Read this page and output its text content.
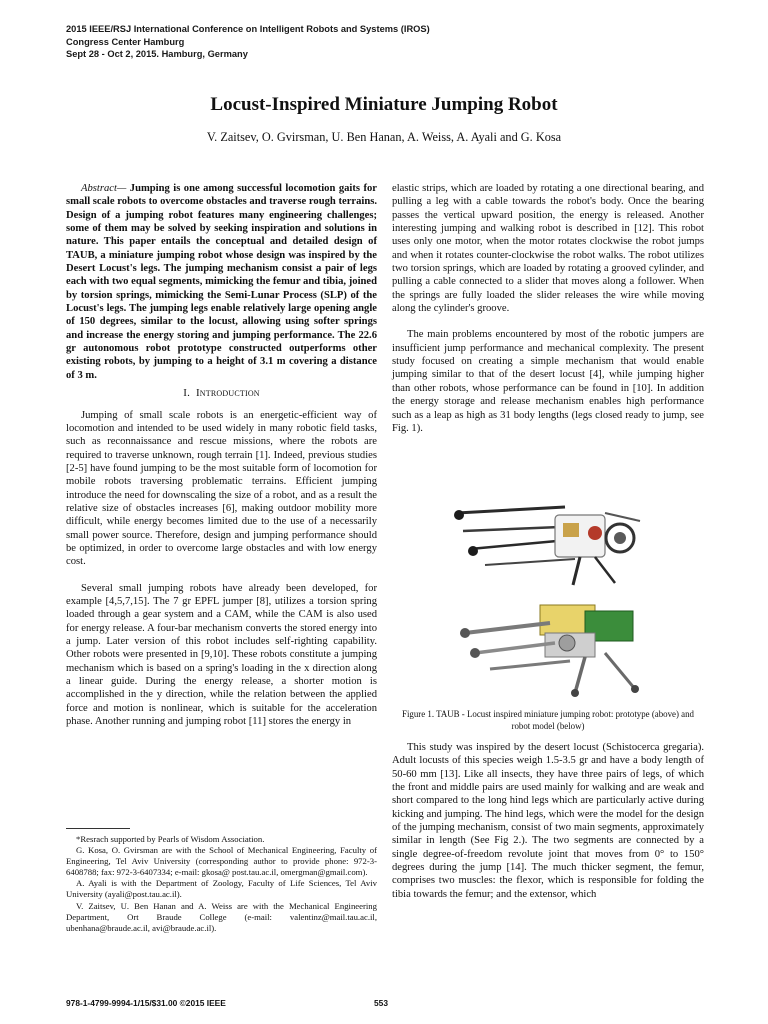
2015 IEEE/RSJ International Conference on Intelligent Robots and Systems (IROS)
Congress Center Hamburg
Sept 28 - Oct 2, 2015. Hamburg, Germany
Locust-Inspired Miniature Jumping Robot
V. Zaitsev, O. Gvirsman, U. Ben Hanan, A. Weiss, A. Ayali and G. Kosa

Abstract— Jumping is one among successful locomotion gaits for small scale robots to overcome obstacles and traverse rough terrains. Design of a jumping robot features many engineering challenges; some of them may be solved by seeking inspiration and solutions in nature. This paper entails the conceptual and detailed design of TAUB, a miniature jumping robot whose design was inspired by the Desert Locust's legs. The jumping mechanism consist a pair of legs each with two equal segments, mimicking the femur and tibia, joined by torsion springs, mimicking the Semi-Lunar Process (SLP) of the Locust's legs. The jumping legs enable relatively large opening angle of 150 degrees, similar to the locust, allowing using softer springs and increase the energy storing and jumping performance. The 22.6 gr autonomous robot prototype constructed outperforms other existing robots, by jumping to a height of 3.1 m covering a distance of 3 m.

I. Introduction

Jumping of small scale robots is an energetic-efficient way of locomotion and intended to be used widely in many robotic field tasks, such as reconnaissance and rescue missions, where the robots are required to traverse unknown, rough terrain [1]. Indeed, previous studies [2-5] have found jumping to be the most suitable form of locomotion for mobile robots traversing problematic terrains. Efficient jumping introduce the need for downscaling the size of a robot, and as a result the relative size of obstacles increases [6], making outdoor mobility more difficult, while energy becomes limited due to the use of a necessarily small power source. Therefore, design and jumping performance should be optimized, in order to overcome large obstacles and with low energy cost.

Several small jumping robots have already been developed, for example [4,5,7,15]. The 7 gr EPFL jumper [8], utilizes a torsion spring loaded through a gear system and a CAM, while the CAM is also used for energy release. A four-bar mechanism converts the stored energy into a jump. Later version of this robot includes self-righting capability. Other robots were presented in [9,10]. These robots constitute a jumping mechanism which is based on a spring's loading in the x direction along a linear guide. During the energy release, a shorter motion is accomplished in the y direction, while the relation between the applied force and motion is nonlinear, which is suitable for the acceleration phase. Another running and jumping robot [11] stores the energy in

*Resrach supported by Pearls of Wisdom Association.

G. Kosa, O. Gvirsman are with the School of Mechanical Engineering, Faculty of Engineering, Tel Aviv University (corresponding author to provide phone: 972-3-6408788; fax: 972-3-6407334; e-mail: gkosa@ post.tau.ac.il, omergman@gmail.com).

A. Ayali is with the Department of Zoology, Faculty of Life Sciences, Tel Aviv University (ayali@post.tau.ac.il).

V. Zaitsev, U. Ben Hanan and A. Weiss are with the Mechanical Engineering Department, Ort Braude College (e-mail: valentinz@mail.tau.ac.il, ubenhana@braude.ac.il, avi@braude.ac.il).

elastic strips, which are loaded by rotating a one directional bearing, and pulling a leg with a cable towards the robot's body. Once the bearing passes the vertical upward position, the energy is released. Another interesting jumping and walking robot is described in [12]. This robot uses only one motor, when the motor rotates clockwise the robot jumps and when it rotates counter-clockwise the robot walks. The robot utilizes two torsion springs, which are loaded by rotating a grooved cylinder, and pulling a cable connected to a slider that moves along a follower. When the springs are fully loaded the slider releases the wire while moving along the cylinder's groove.

The main problems encountered by most of the robotic jumpers are insufficient jump performance and mechanical complexity. The present study focused on creating a simple mechanism that would enable jumping similar to that of the desert locust [4], while jumping higher than other robots, whose performance can be found in [10]. In addition the energy storage and release mechanism enables high performance such as a leap as high as 31 body lengths (legs closed ready to jump, see Fig. 1).

Figure 1. TAUB - Locust inspired miniature jumping robot: prototype (above) and robot model (below)

This study was inspired by the desert locust (Schistocerca gregaria). Adult locusts of this species weigh 1.5-3.5 gr and have a body length of 50-60 mm [13]. Like all insects, they have three pairs of legs, of which the front and middle pairs are used mainly for walking and are weak and short compared to the long hind legs which are particularly active during kicking and jumping. The hind legs, which were the model for the design of the jumping mechanism, consist of two main segments, approximately similar in length (See Fig 2.). The two segments are connected by a single degree-of-freedom revolute joint that moves from 0° to 150° degrees during the jump [14]. The much thicker segment, the femur, comprises two muscles: the flexor, which is responsible for folding the tibia towards the femur; and the extensor, which

978-1-4799-9994-1/15/$31.00 ©2015 IEEE	553
